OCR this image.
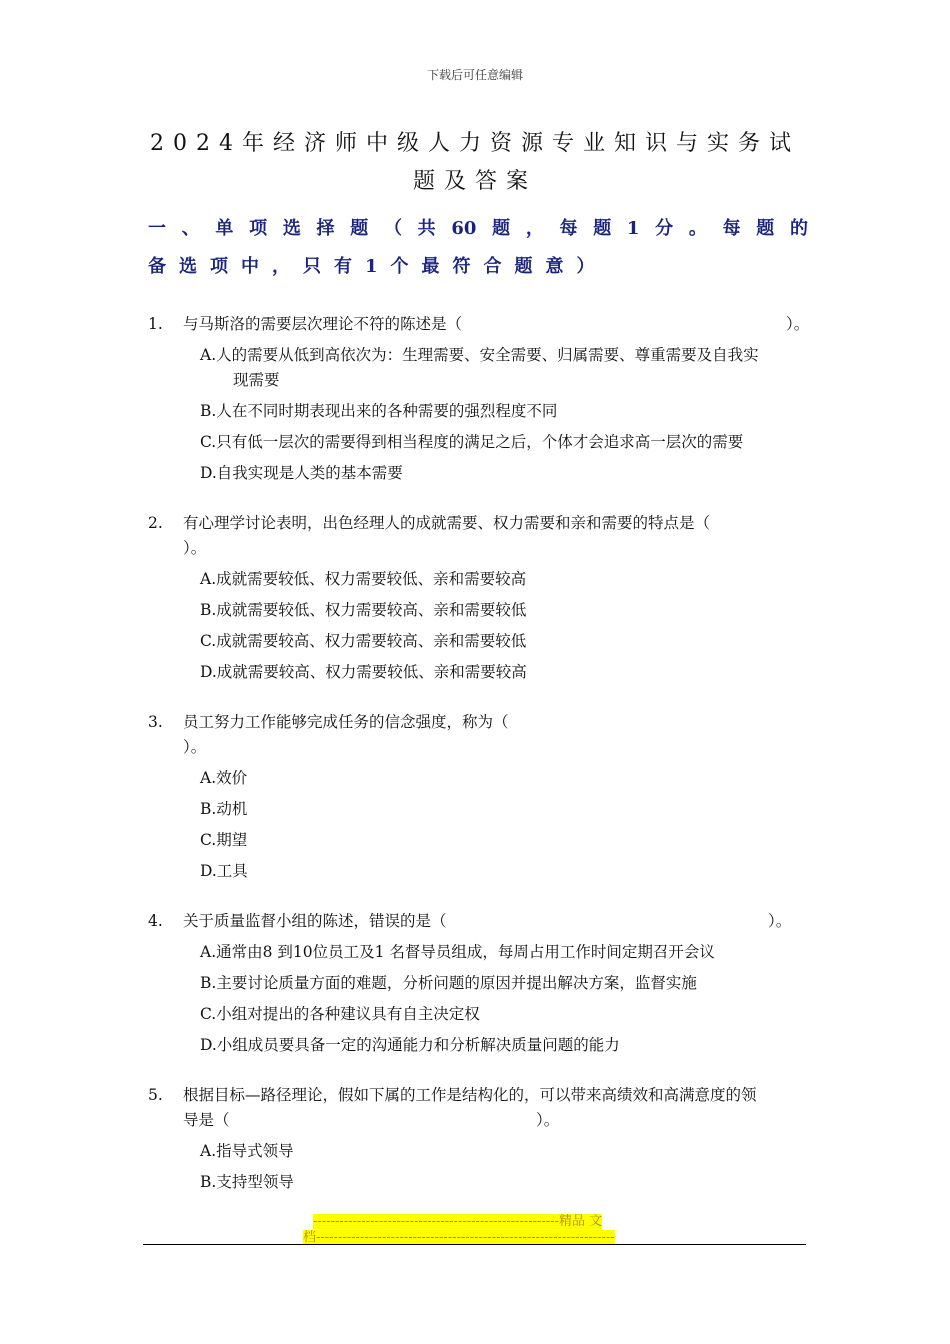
下载后可任意编辑
2024年经济师中级人力资源专业知识与实务试
题及答案
一、单项选择题（共60题，每题1分。每题的
备选项中，只有1个最符合题意）
1. 与马斯洛的需要层次理论不符的陈述是（	）。
A.人的需要从低到高依次为：生理需要、安全需要、归属需要、尊重需要及自我实
现需要
B.人在不同时期表现出来的各种需要的强烈程度不同
C.只有低一层次的需要得到相当程度的满足之后，个体才会追求高一层次的需要
D.自我实现是人类的基本需要
2. 有心理学讨论表明，出色经理人的成就需要、权力需要和亲和需要的特点是（
）。
A.成就需要较低、权力需要较低、亲和需要较高
B.成就需要较低、权力需要较高、亲和需要较低
C.成就需要较高、权力需要较高、亲和需要较低
D.成就需要较高、权力需要较低、亲和需要较高
3. 员工努力工作能够完成任务的信念强度，称为（
）。
A.效价
B.动机
C.期望
D.工具
4. 关于质量监督小组的陈述，错误的是（	）。
A.通常由8 到10位员工及1 名督导员组成，每周占用工作时间定期召开会议
B.主要讨论质量方面的难题，分析问题的原因并提出解决方案，监督实施
C.小组对提出的各种建议具有自主决定权
D.小组成员要具备一定的沟通能力和分析解决质量问题的能力
5. 根据目标—路径理论，假如下属的工作是结构化的，可以带来高绩效和高满意度的领
导是（	）。
A.指导式领导
B.支持型领导
--------------------------------------------------------精品 文
档--------------------------------------------------------------------
